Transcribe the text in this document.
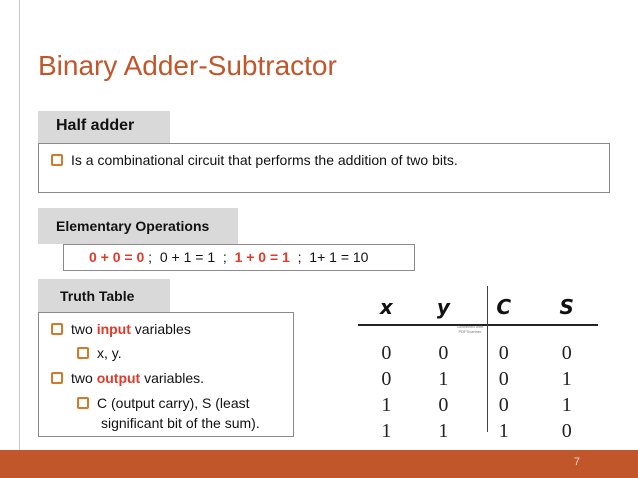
Binary Adder-Subtractor
Half adder
Is a combinational circuit that performs the addition of two bits.
Elementary Operations
0 + 0 = 0 ;  0 + 1 = 1  ;  1 + 0 = 1  ;  1+ 1 = 10
Truth Table
two input variables
x, y.
two output variables.
C (output carry), S (least
significant bit of the sum).
Scrivened with PDFScanner
x	y	C	S

0	0	0	0
0	1	0	1
1	0	0	1
1	1	1	0
7
